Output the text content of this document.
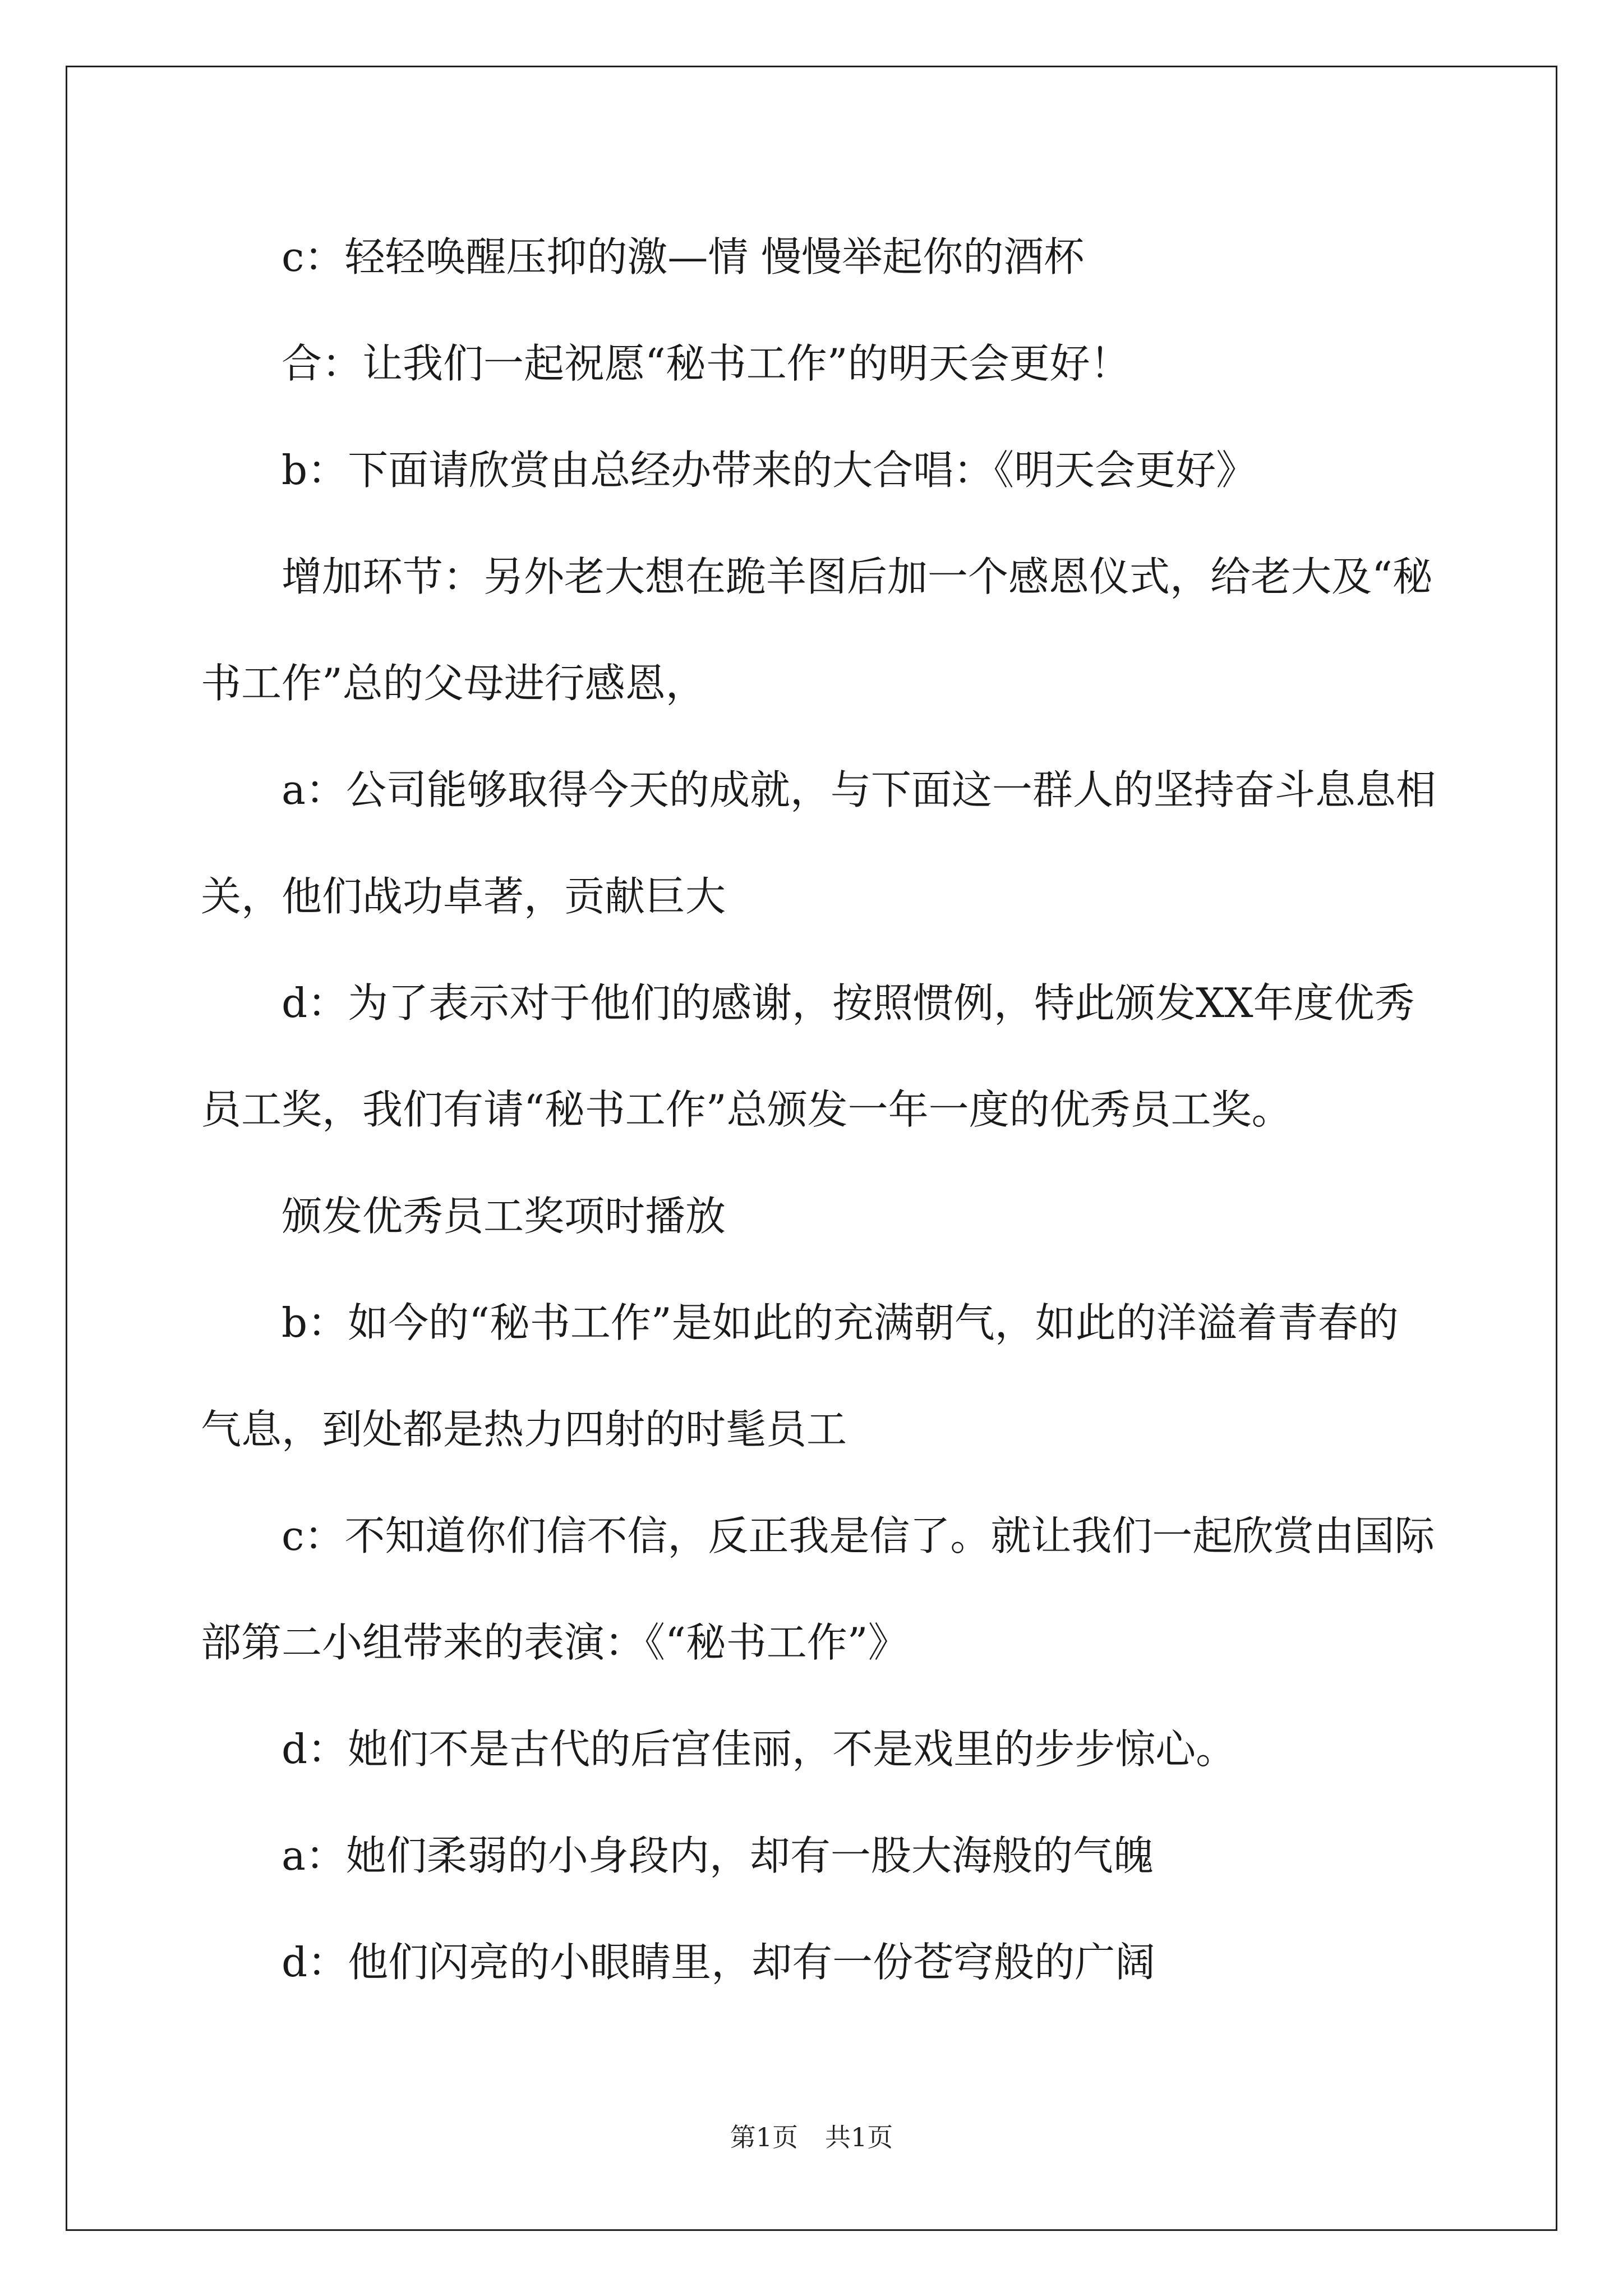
c：轻轻唤醒压抑的激—情 慢慢举起你的酒杯

合：让我们一起祝愿“秘书工作”的明天会更好！

b：下面请欣赏由总经办带来的大合唱：《明天会更好》

增加环节：另外老大想在跪羊图后加一个感恩仪式，给老大及“秘

书工作”总的父母进行感恩，

a：公司能够取得今天的成就，与下面这一群人的坚持奋斗息息相

关，他们战功卓著，贡献巨大

d：为了表示对于他们的感谢，按照惯例，特此颁发XX年度优秀

员工奖，我们有请“秘书工作”总颁发一年一度的优秀员工奖。

颁发优秀员工奖项时播放

b：如今的“秘书工作”是如此的充满朝气，如此的洋溢着青春的

气息，到处都是热力四射的时髦员工

c：不知道你们信不信，反正我是信了。就让我们一起欣赏由国际

部第二小组带来的表演：《“秘书工作”》

d：她们不是古代的后宫佳丽，不是戏里的步步惊心。

a：她们柔弱的小身段内，却有一股大海般的气魄

d：他们闪亮的小眼睛里，却有一份苍穹般的广阔

第1页 共1页
